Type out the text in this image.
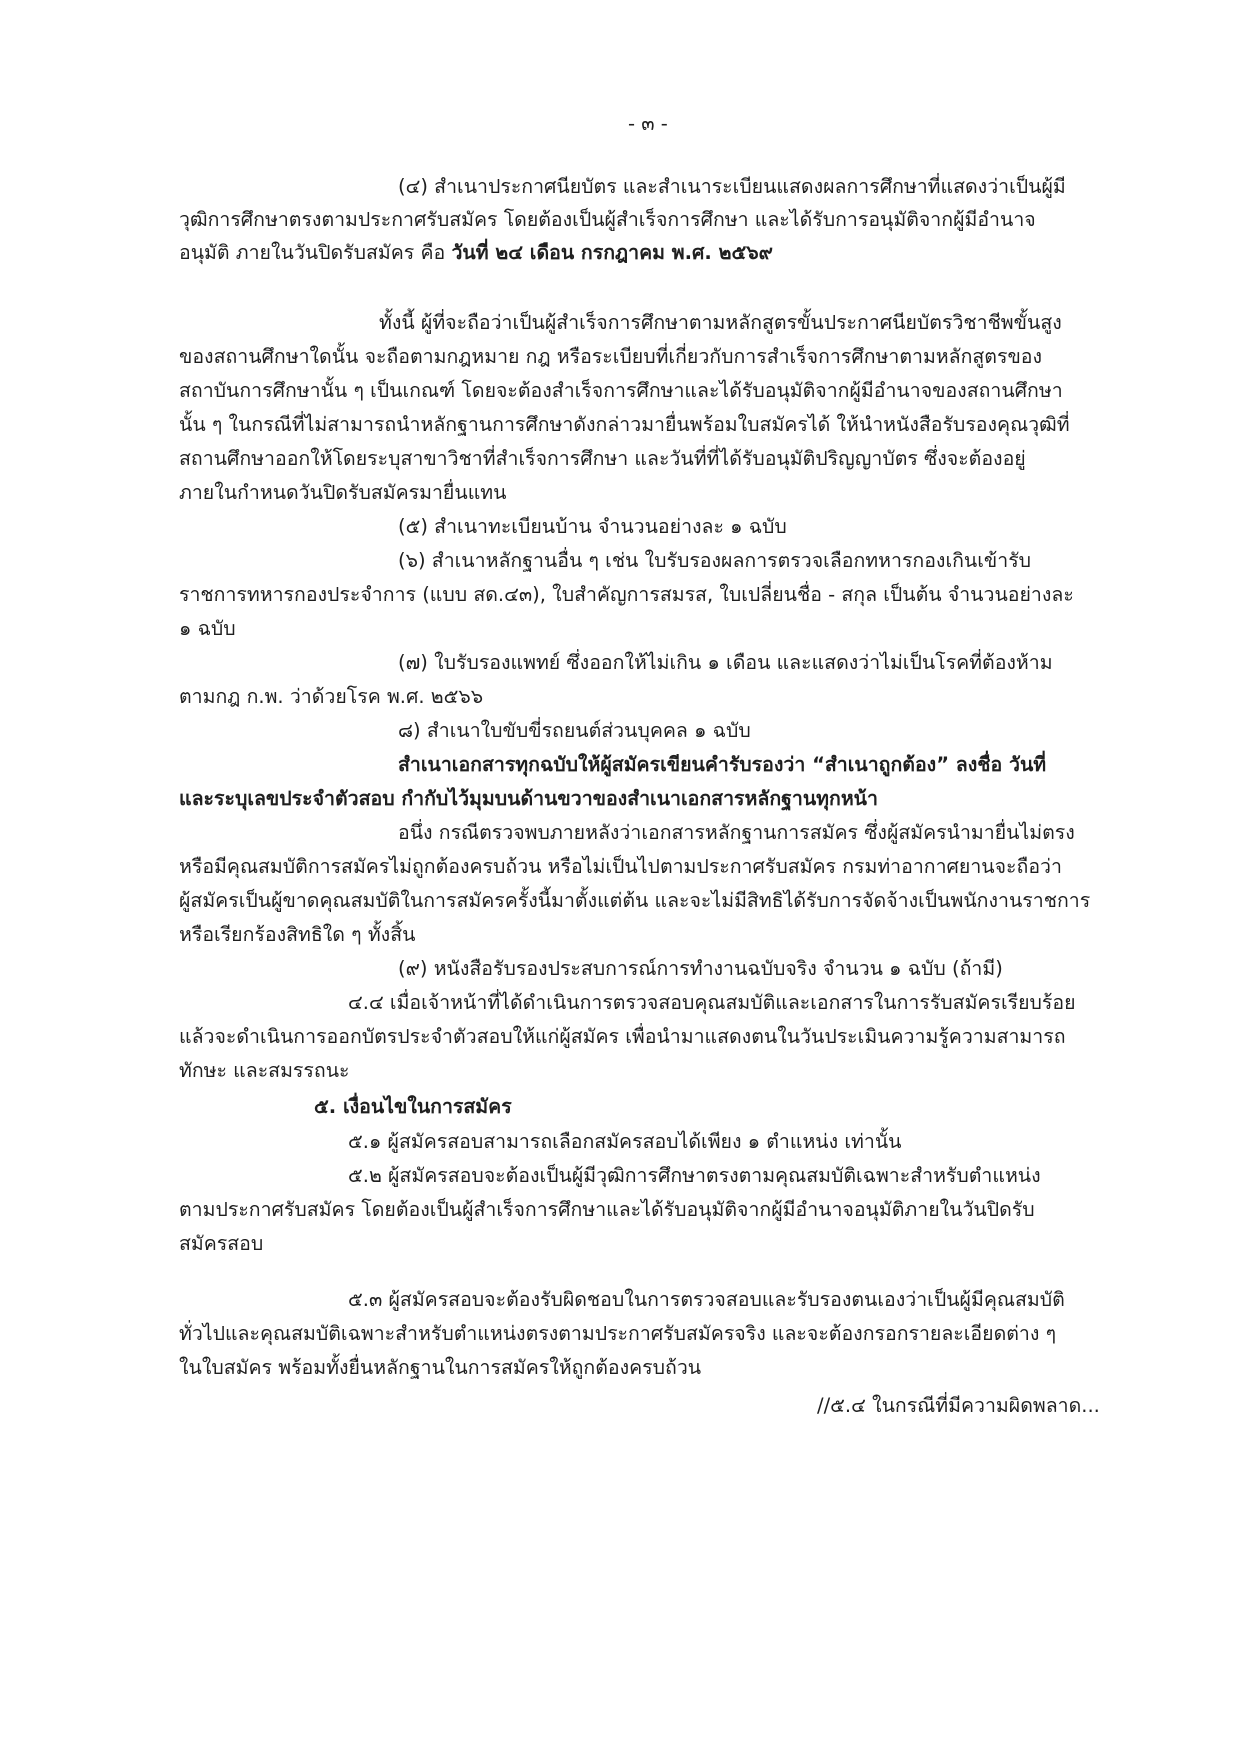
- ๓ -
(๔) สำเนาประกาศนียบัตร และสำเนาระเบียนแสดงผลการศึกษาที่แสดงว่าเป็นผู้มี
วุฒิการศึกษาตรงตามประกาศรับสมัคร โดยต้องเป็นผู้สำเร็จการศึกษา และได้รับการอนุมัติจากผู้มีอำนาจ
อนุมัติ ภายในวันปิดรับสมัคร คือ วันที่ ๒๔ เดือน กรกฎาคม พ.ศ. ๒๕๖๙
ทั้งนี้ ผู้ที่จะถือว่าเป็นผู้สำเร็จการศึกษาตามหลักสูตรขั้นประกาศนียบัตรวิชาชีพขั้นสูง
ของสถานศึกษาใดนั้น จะถือตามกฎหมาย กฎ หรือระเบียบที่เกี่ยวกับการสำเร็จการศึกษาตามหลักสูตรของ
สถาบันการศึกษานั้น ๆ เป็นเกณฑ์ โดยจะต้องสำเร็จการศึกษาและได้รับอนุมัติจากผู้มีอำนาจของสถานศึกษา
นั้น ๆ ในกรณีที่ไม่สามารถนำหลักฐานการศึกษาดังกล่าวมายื่นพร้อมใบสมัครได้ ให้นำหนังสือรับรองคุณวุฒิที่
สถานศึกษาออกให้โดยระบุสาขาวิชาที่สำเร็จการศึกษา และวันที่ที่ได้รับอนุมัติปริญญาบัตร ซึ่งจะต้องอยู่
ภายในกำหนดวันปิดรับสมัครมายื่นแทน
(๕) สำเนาทะเบียนบ้าน จำนวนอย่างละ ๑ ฉบับ
(๖) สำเนาหลักฐานอื่น ๆ เช่น ใบรับรองผลการตรวจเลือกทหารกองเกินเข้ารับ
ราชการทหารกองประจำการ (แบบ สด.๔๓), ใบสำคัญการสมรส, ใบเปลี่ยนชื่อ - สกุล เป็นต้น จำนวนอย่างละ
๑ ฉบับ
(๗) ใบรับรองแพทย์ ซึ่งออกให้ไม่เกิน ๑ เดือน และแสดงว่าไม่เป็นโรคที่ต้องห้าม
ตามกฎ ก.พ. ว่าด้วยโรค พ.ศ. ๒๕๖๖
๘) สำเนาใบขับขี่รถยนต์ส่วนบุคคล ๑ ฉบับ
สำเนาเอกสารทุกฉบับให้ผู้สมัครเขียนคำรับรองว่า “สำเนาถูกต้อง” ลงชื่อ วันที่
และระบุเลขประจำตัวสอบ กำกับไว้มุมบนด้านขวาของสำเนาเอกสารหลักฐานทุกหน้า
อนึ่ง กรณีตรวจพบภายหลังว่าเอกสารหลักฐานการสมัคร ซึ่งผู้สมัครนำมายื่นไม่ตรง
หรือมีคุณสมบัติการสมัครไม่ถูกต้องครบถ้วน หรือไม่เป็นไปตามประกาศรับสมัคร กรมท่าอากาศยานจะถือว่า
ผู้สมัครเป็นผู้ขาดคุณสมบัติในการสมัครครั้งนี้มาตั้งแต่ต้น และจะไม่มีสิทธิได้รับการจัดจ้างเป็นพนักงานราชการ
หรือเรียกร้องสิทธิใด ๆ ทั้งสิ้น
(๙) หนังสือรับรองประสบการณ์การทำงานฉบับจริง จำนวน ๑ ฉบับ (ถ้ามี)
๔.๔ เมื่อเจ้าหน้าที่ได้ดำเนินการตรวจสอบคุณสมบัติและเอกสารในการรับสมัครเรียบร้อย
แล้วจะดำเนินการออกบัตรประจำตัวสอบให้แก่ผู้สมัคร เพื่อนำมาแสดงตนในวันประเมินความรู้ความสามารถ
ทักษะ และสมรรถนะ
๕. เงื่อนไขในการสมัคร
๕.๑ ผู้สมัครสอบสามารถเลือกสมัครสอบได้เพียง ๑ ตำแหน่ง เท่านั้น
๕.๒ ผู้สมัครสอบจะต้องเป็นผู้มีวุฒิการศึกษาตรงตามคุณสมบัติเฉพาะสำหรับตำแหน่ง
ตามประกาศรับสมัคร โดยต้องเป็นผู้สำเร็จการศึกษาและได้รับอนุมัติจากผู้มีอำนาจอนุมัติภายในวันปิดรับ
สมัครสอบ
๕.๓ ผู้สมัครสอบจะต้องรับผิดชอบในการตรวจสอบและรับรองตนเองว่าเป็นผู้มีคุณสมบัติ
ทั่วไปและคุณสมบัติเฉพาะสำหรับตำแหน่งตรงตามประกาศรับสมัครจริง และจะต้องกรอกรายละเอียดต่าง ๆ
ในใบสมัคร พร้อมทั้งยื่นหลักฐานในการสมัครให้ถูกต้องครบถ้วน
//๕.๔ ในกรณีที่มีความผิดพลาด...
